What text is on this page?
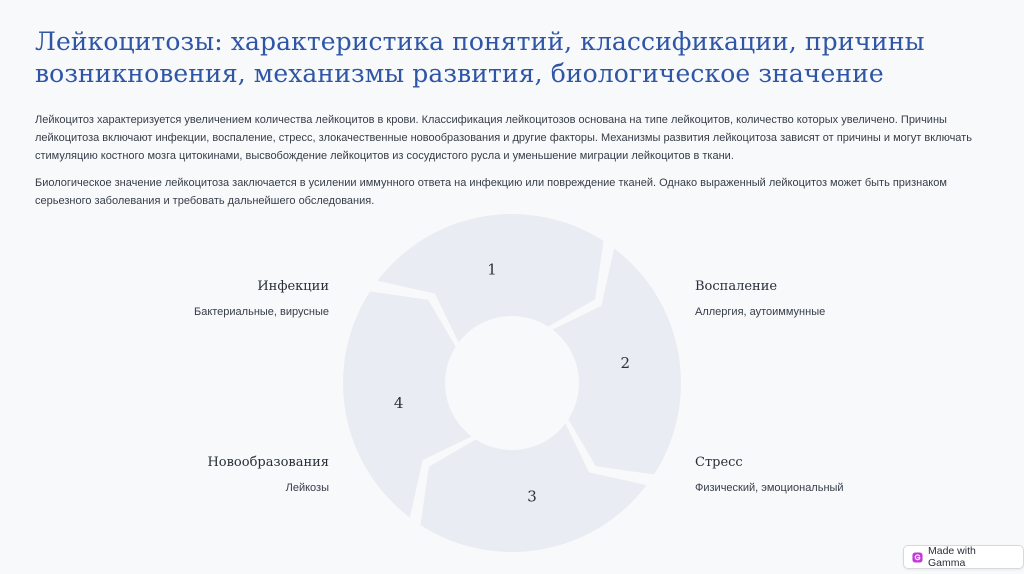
Лейкоцитозы: характеристика понятий, классификации, причины возникновения, механизмы развития, биологическое значение

Лейкоцитоз характеризуется увеличением количества лейкоцитов в крови. Классификация лейкоцитозов основана на типе лейкоцитов, количество которых увеличено. Причины лейкоцитоза включают инфекции, воспаление, стресс, злокачественные новообразования и другие факторы. Механизмы развития лейкоцитоза зависят от причины и могут включать стимуляцию костного мозга цитокинами, высвобождение лейкоцитов из сосудистого русла и уменьшение миграции лейкоцитов в ткани.

Биологическое значение лейкоцитоза заключается в усилении иммунного ответа на инфекцию или повреждение тканей. Однако выраженный лейкоцитоз может быть признаком серьезного заболевания и требовать дальнейшего обследования.

1
2
3
4
Инфекции
Бактериальные, вирусные
Воспаление
Аллергия, аутоиммунные
Стресс
Физический, эмоциональный
Новообразования
Лейкозы
Made with Gamma
